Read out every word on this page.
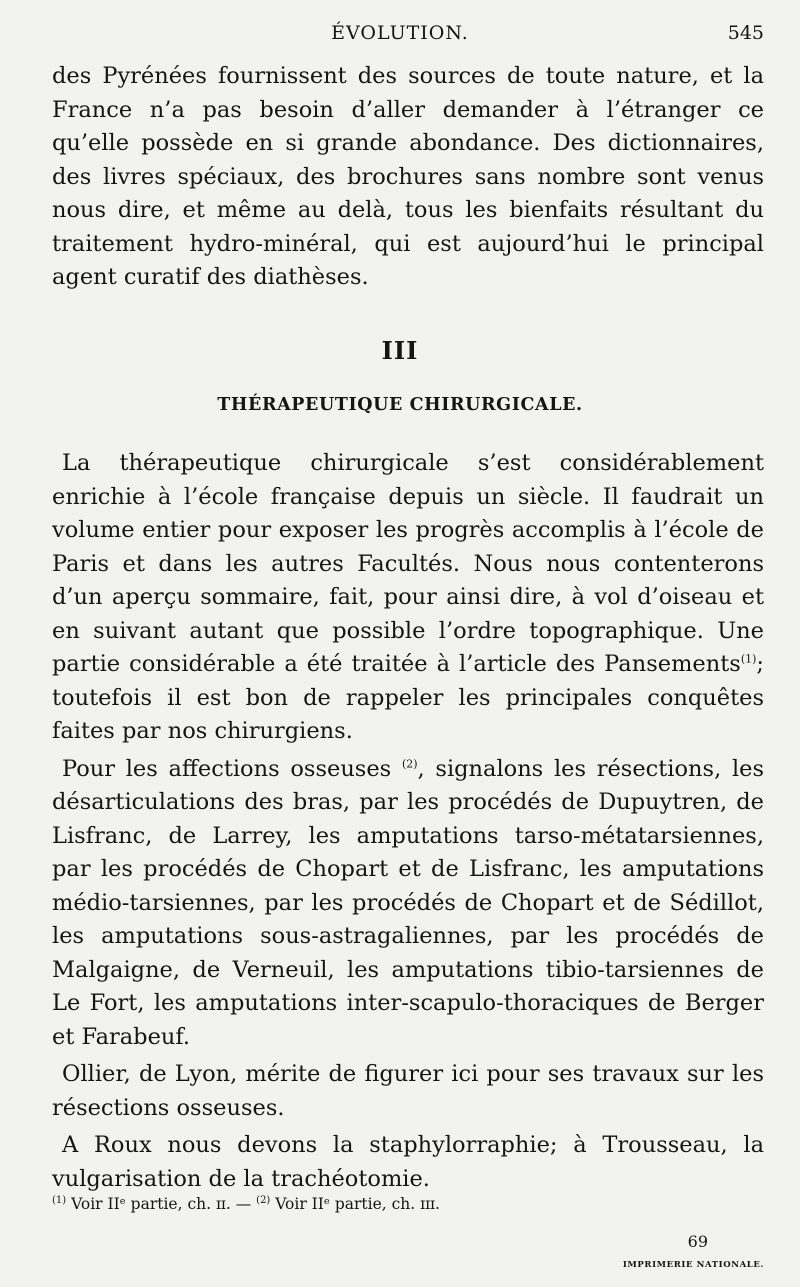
ÉVOLUTION.	545

des Pyrénées fournissent des sources de toute nature, et la France n’a pas besoin d’aller demander à l’étranger ce qu’elle possède en si grande abondance. Des dictionnaires, des livres spéciaux, des brochures sans nombre sont venus nous dire, et même au delà, tous les bienfaits résultant du traitement hydro-minéral, qui est aujourd’hui le principal agent curatif des diathèses.

III
THÉRAPEUTIQUE CHIRURGICALE.

La thérapeutique chirurgicale s’est considérablement enrichie à l’école française depuis un siècle. Il faudrait un volume entier pour exposer les progrès accomplis à l’école de Paris et dans les autres Facultés. Nous nous contenterons d’un aperçu sommaire, fait, pour ainsi dire, à vol d’oiseau et en suivant autant que possible l’ordre topographique. Une partie considérable a été traitée à l’article des Pansements$^{(1)}$; toutefois il est bon de rappeler les principales conquêtes faites par nos chirurgiens.

Pour les affections osseuses $^{(2)}$, signalons les résections, les désarticulations des bras, par les procédés de Dupuytren, de Lisfranc, de Larrey, les amputations tarso-métatarsiennes, par les procédés de Chopart et de Lisfranc, les amputations médio-tarsiennes, par les procédés de Chopart et de Sédillot, les amputations sous-astragaliennes, par les procédés de Malgaigne, de Verneuil, les amputations tibio-tarsiennes de Le Fort, les amputations inter-scapulo-thoraciques de Berger et Farabeuf.

Ollier, de Lyon, mérite de figurer ici pour ses travaux sur les résections osseuses.

A Roux nous devons la staphylorraphie; à Trousseau, la vulgarisation de la trachéotomie.

$^{(1)}$ Voir IIᵉ partie, ch. ɪɪ. — $^{(2)}$ Voir IIᵉ partie, ch. ɪɪɪ.
69
IMPRIMERIE NATIONALE.
